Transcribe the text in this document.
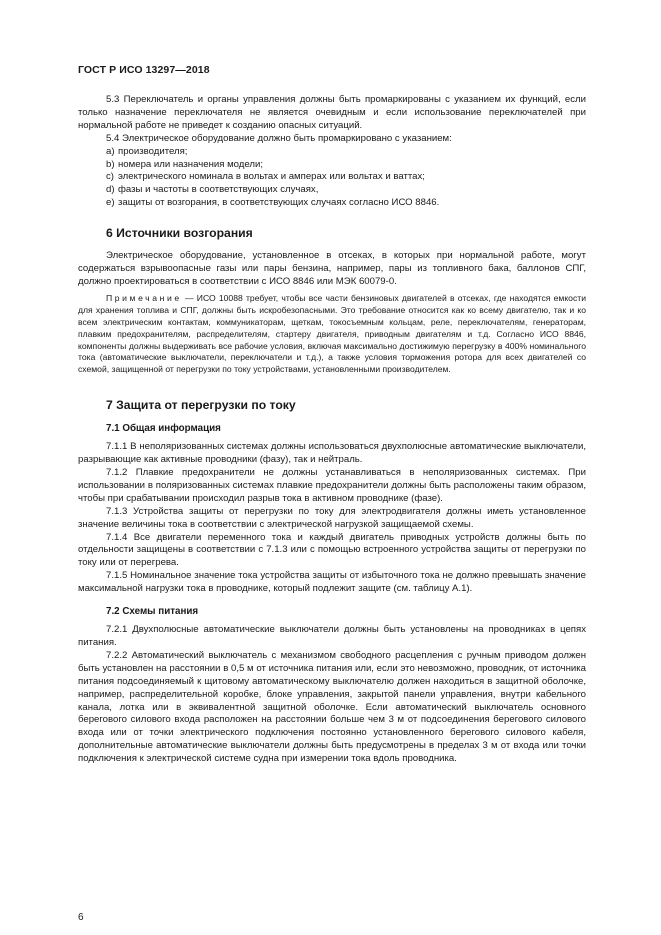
ГОСТ Р ИСО 13297—2018

5.3 Переключатель и органы управления должны быть промаркированы с указанием их функций, если только назначение переключателя не является очевидным и если использование переключателей при нормальной работе не приведет к созданию опасных ситуаций.

5.4 Электрическое оборудование должно быть промаркировано с указанием:

a) производителя;

b) номера или назначения модели;

c) электрического номинала в вольтах и амперах или вольтах и ваттах;

d) фазы и частоты в соответствующих случаях,

e) защиты от возгорания, в соответствующих случаях согласно ИСО 8846.

6 Источники возгорания

Электрическое оборудование, установленное в отсеках, в которых при нормальной работе, могут содержаться взрывоопасные газы или пары бензина, например, пары из топливного бака, баллонов СПГ, должно проектироваться в соответствии с ИСО 8846 или МЭК 60079-0.

Примечание — ИСО 10088 требует, чтобы все части бензиновых двигателей в отсеках, где находятся емкости для хранения топлива и СПГ, должны быть искробезопасными. Это требование относится как ко всему двигателю, так и ко всем электрическим контактам, коммуникаторам, щеткам, токосъемным кольцам, реле, переключателям, генераторам, плавким предохранителям, распределителям, стартеру двигателя, приводным двигателям и т.д. Согласно ИСО 8846, компоненты должны выдерживать все рабочие условия, включая максимально достижимую перегрузку в 400% номинального тока (автоматические выключатели, переключатели и т.д.), а также условия торможения ротора для всех двигателей со схемой, защищенной от перегрузки по току устройствами, установленными производителем.

7 Защита от перегрузки по току
7.1 Общая информация

7.1.1 В неполяризованных системах должны использоваться двухполюсные автоматические выключатели, разрывающие как активные проводники (фазу), так и нейтраль.

7.1.2 Плавкие предохранители не должны устанавливаться в неполяризованных системах. При использовании в поляризованных системах плавкие предохранители должны быть расположены таким образом, чтобы при срабатывании происходил разрыв тока в активном проводнике (фазе).

7.1.3 Устройства защиты от перегрузки по току для электродвигателя должны иметь установленное значение величины тока в соответствии с электрической нагрузкой защищаемой схемы.

7.1.4 Все двигатели переменного тока и каждый двигатель приводных устройств должны быть по отдельности защищены в соответствии с 7.1.3 или с помощью встроенного устройства защиты от перегрузки по току или от перегрева.

7.1.5 Номинальное значение тока устройства защиты от избыточного тока не должно превышать значение максимальной нагрузки тока в проводнике, который подлежит защите (см. таблицу А.1).

7.2 Схемы питания

7.2.1 Двухполюсные автоматические выключатели должны быть установлены на проводниках в цепях питания.

7.2.2 Автоматический выключатель с механизмом свободного расцепления с ручным приводом должен быть установлен на расстоянии в 0,5 м от источника питания или, если это невозможно, проводник, от источника питания подсоединяемый к щитовому автоматическому выключателю должен находиться в защитной оболочке, например, распределительной коробке, блоке управления, закрытой панели управления, внутри кабельного канала, лотка или в эквивалентной защитной оболочке. Если автоматический выключатель основного берегового силового входа расположен на расстоянии больше чем 3 м от подсоединения берегового силового входа или от точки электрического подключения постоянно установленного берегового силового кабеля, дополнительные автоматические выключатели должны быть предусмотрены в пределах 3 м от входа или точки подключения к электрической системе судна при измерении тока вдоль проводника.

6
